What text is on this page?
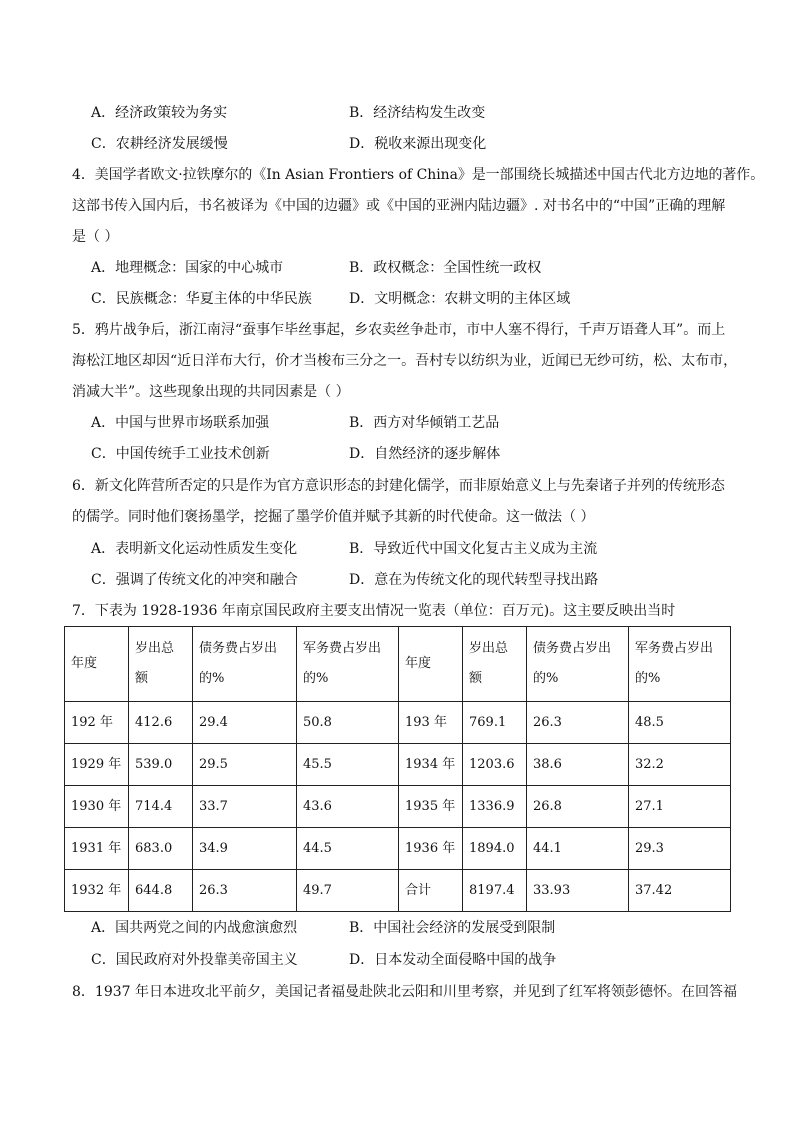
A．经济政策较为务实	B．经济结构发生改变
C．农耕经济发展缓慢	D．税收来源出现变化
4．美国学者欧文·拉铁摩尔的《In Asian Frontiers of China》是一部围绕长城描述中国古代北方边地的著作。
这部书传入国内后，书名被译为《中国的边疆》或《中国的亚洲内陆边疆》. 对书名中的“中国”正确的理解
是（ ）
A．地理概念：国家的中心城市	B．政权概念：全国性统一政权
C．民族概念：华夏主体的中华民族	D．文明概念：农耕文明的主体区域
5．鸦片战争后，浙江南浔“蚕事乍毕丝事起，乡农卖丝争赴市，市中人塞不得行，千声万语聋人耳”。而上
海松江地区却因“近日洋布大行，价才当梭布三分之一。吾村专以纺织为业，近闻已无纱可纺，松、太布市，
消减大半”。这些现象出现的共同因素是（ ）
A．中国与世界市场联系加强	B．西方对华倾销工艺品
C．中国传统手工业技术创新	D．自然经济的逐步解体
6．新文化阵营所否定的只是作为官方意识形态的封建化儒学，而非原始意义上与先秦诸子并列的传统形态
的儒学。同时他们褒扬墨学，挖掘了墨学价值并赋予其新的时代使命。这一做法（ ）
A．表明新文化运动性质发生变化	B．导致近代中国文化复古主义成为主流
C．强调了传统文化的冲突和融合	D．意在为传统文化的现代转型寻找出路
7．下表为 1928-1936 年南京国民政府主要支出情况一览表（单位：百万元)。这主要反映出当时
年度	岁出总额	债务费占岁出的%	军务费占岁出的%	年度	岁出总额	债务费占岁出的%	军务费占岁出的%
192 年	412.6	29.4	50.8	193 年	769.1	26.3	48.5
1929 年	539.0	29.5	45.5	1934 年	1203.6	38.6	32.2
1930 年	714.4	33.7	43.6	1935 年	1336.9	26.8	27.1
1931 年	683.0	34.9	44.5	1936 年	1894.0	44.1	29.3
1932 年	644.8	26.3	49.7	合计	8197.4	33.93	37.42
A．国共两党之间的内战愈演愈烈	B．中国社会经济的发展受到限制
C．国民政府对外投靠美帝国主义	D．日本发动全面侵略中国的战争
8．1937 年日本进攻北平前夕，美国记者福曼赴陕北云阳和川里考察，并见到了红军将领彭德怀。在回答福
